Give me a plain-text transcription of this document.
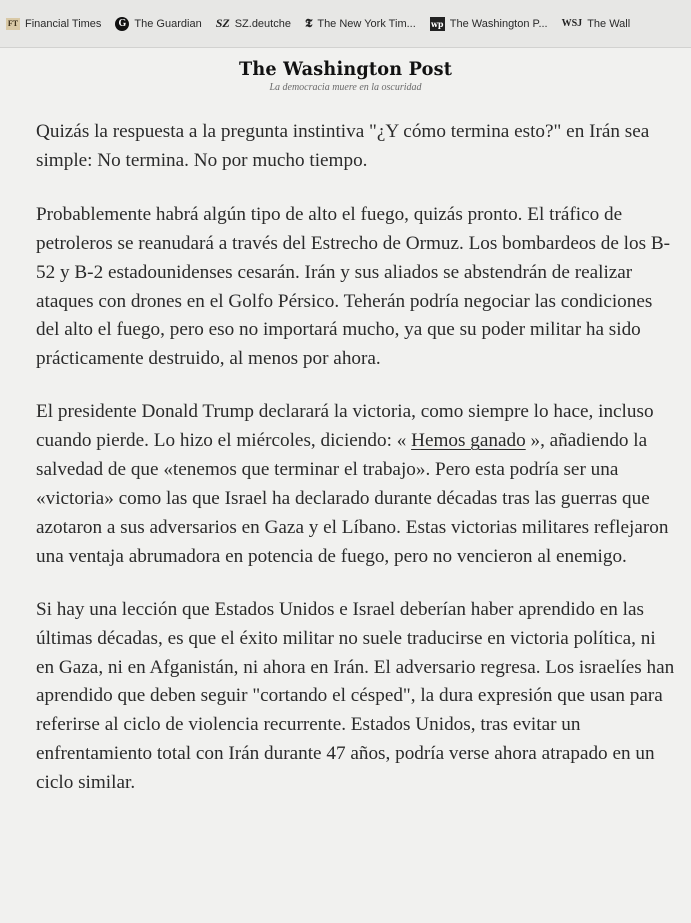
FT Financial Times	G The Guardian SZ SZ.deutche 𝕿 The New York Tim... wp The Washington P... WSJ The Wall
The Washington Post
La democracia muere en la oscuridad

Quizás la respuesta a la pregunta instintiva "¿Y cómo termina esto?" en Irán sea simple: No termina. No por mucho tiempo.

Probablemente habrá algún tipo de alto el fuego, quizás pronto. El tráfico de petroleros se reanudará a través del Estrecho de Ormuz. Los bombardeos de los B-52 y B-2 estadounidenses cesarán. Irán y sus aliados se abstendrán de realizar ataques con drones en el Golfo Pérsico. Teherán podría negociar las condiciones del alto el fuego, pero eso no importará mucho, ya que su poder militar ha sido prácticamente destruido, al menos por ahora.

El presidente Donald Trump declarará la victoria, como siempre lo hace, incluso cuando pierde. Lo hizo el miércoles, diciendo: « Hemos ganado », añadiendo la salvedad de que «tenemos que terminar el trabajo». Pero esta podría ser una «victoria» como las que Israel ha declarado durante décadas tras las guerras que azotaron a sus adversarios en Gaza y el Líbano. Estas victorias militares reflejaron una ventaja abrumadora en potencia de fuego, pero no vencieron al enemigo.

Si hay una lección que Estados Unidos e Israel deberían haber aprendido en las últimas décadas, es que el éxito militar no suele traducirse en victoria política, ni en Gaza, ni en Afganistán, ni ahora en Irán. El adversario regresa. Los israelíes han aprendido que deben seguir "cortando el césped", la dura expresión que usan para referirse al ciclo de violencia recurrente. Estados Unidos, tras evitar un enfrentamiento total con Irán durante 47 años, podría verse ahora atrapado en un ciclo similar.
